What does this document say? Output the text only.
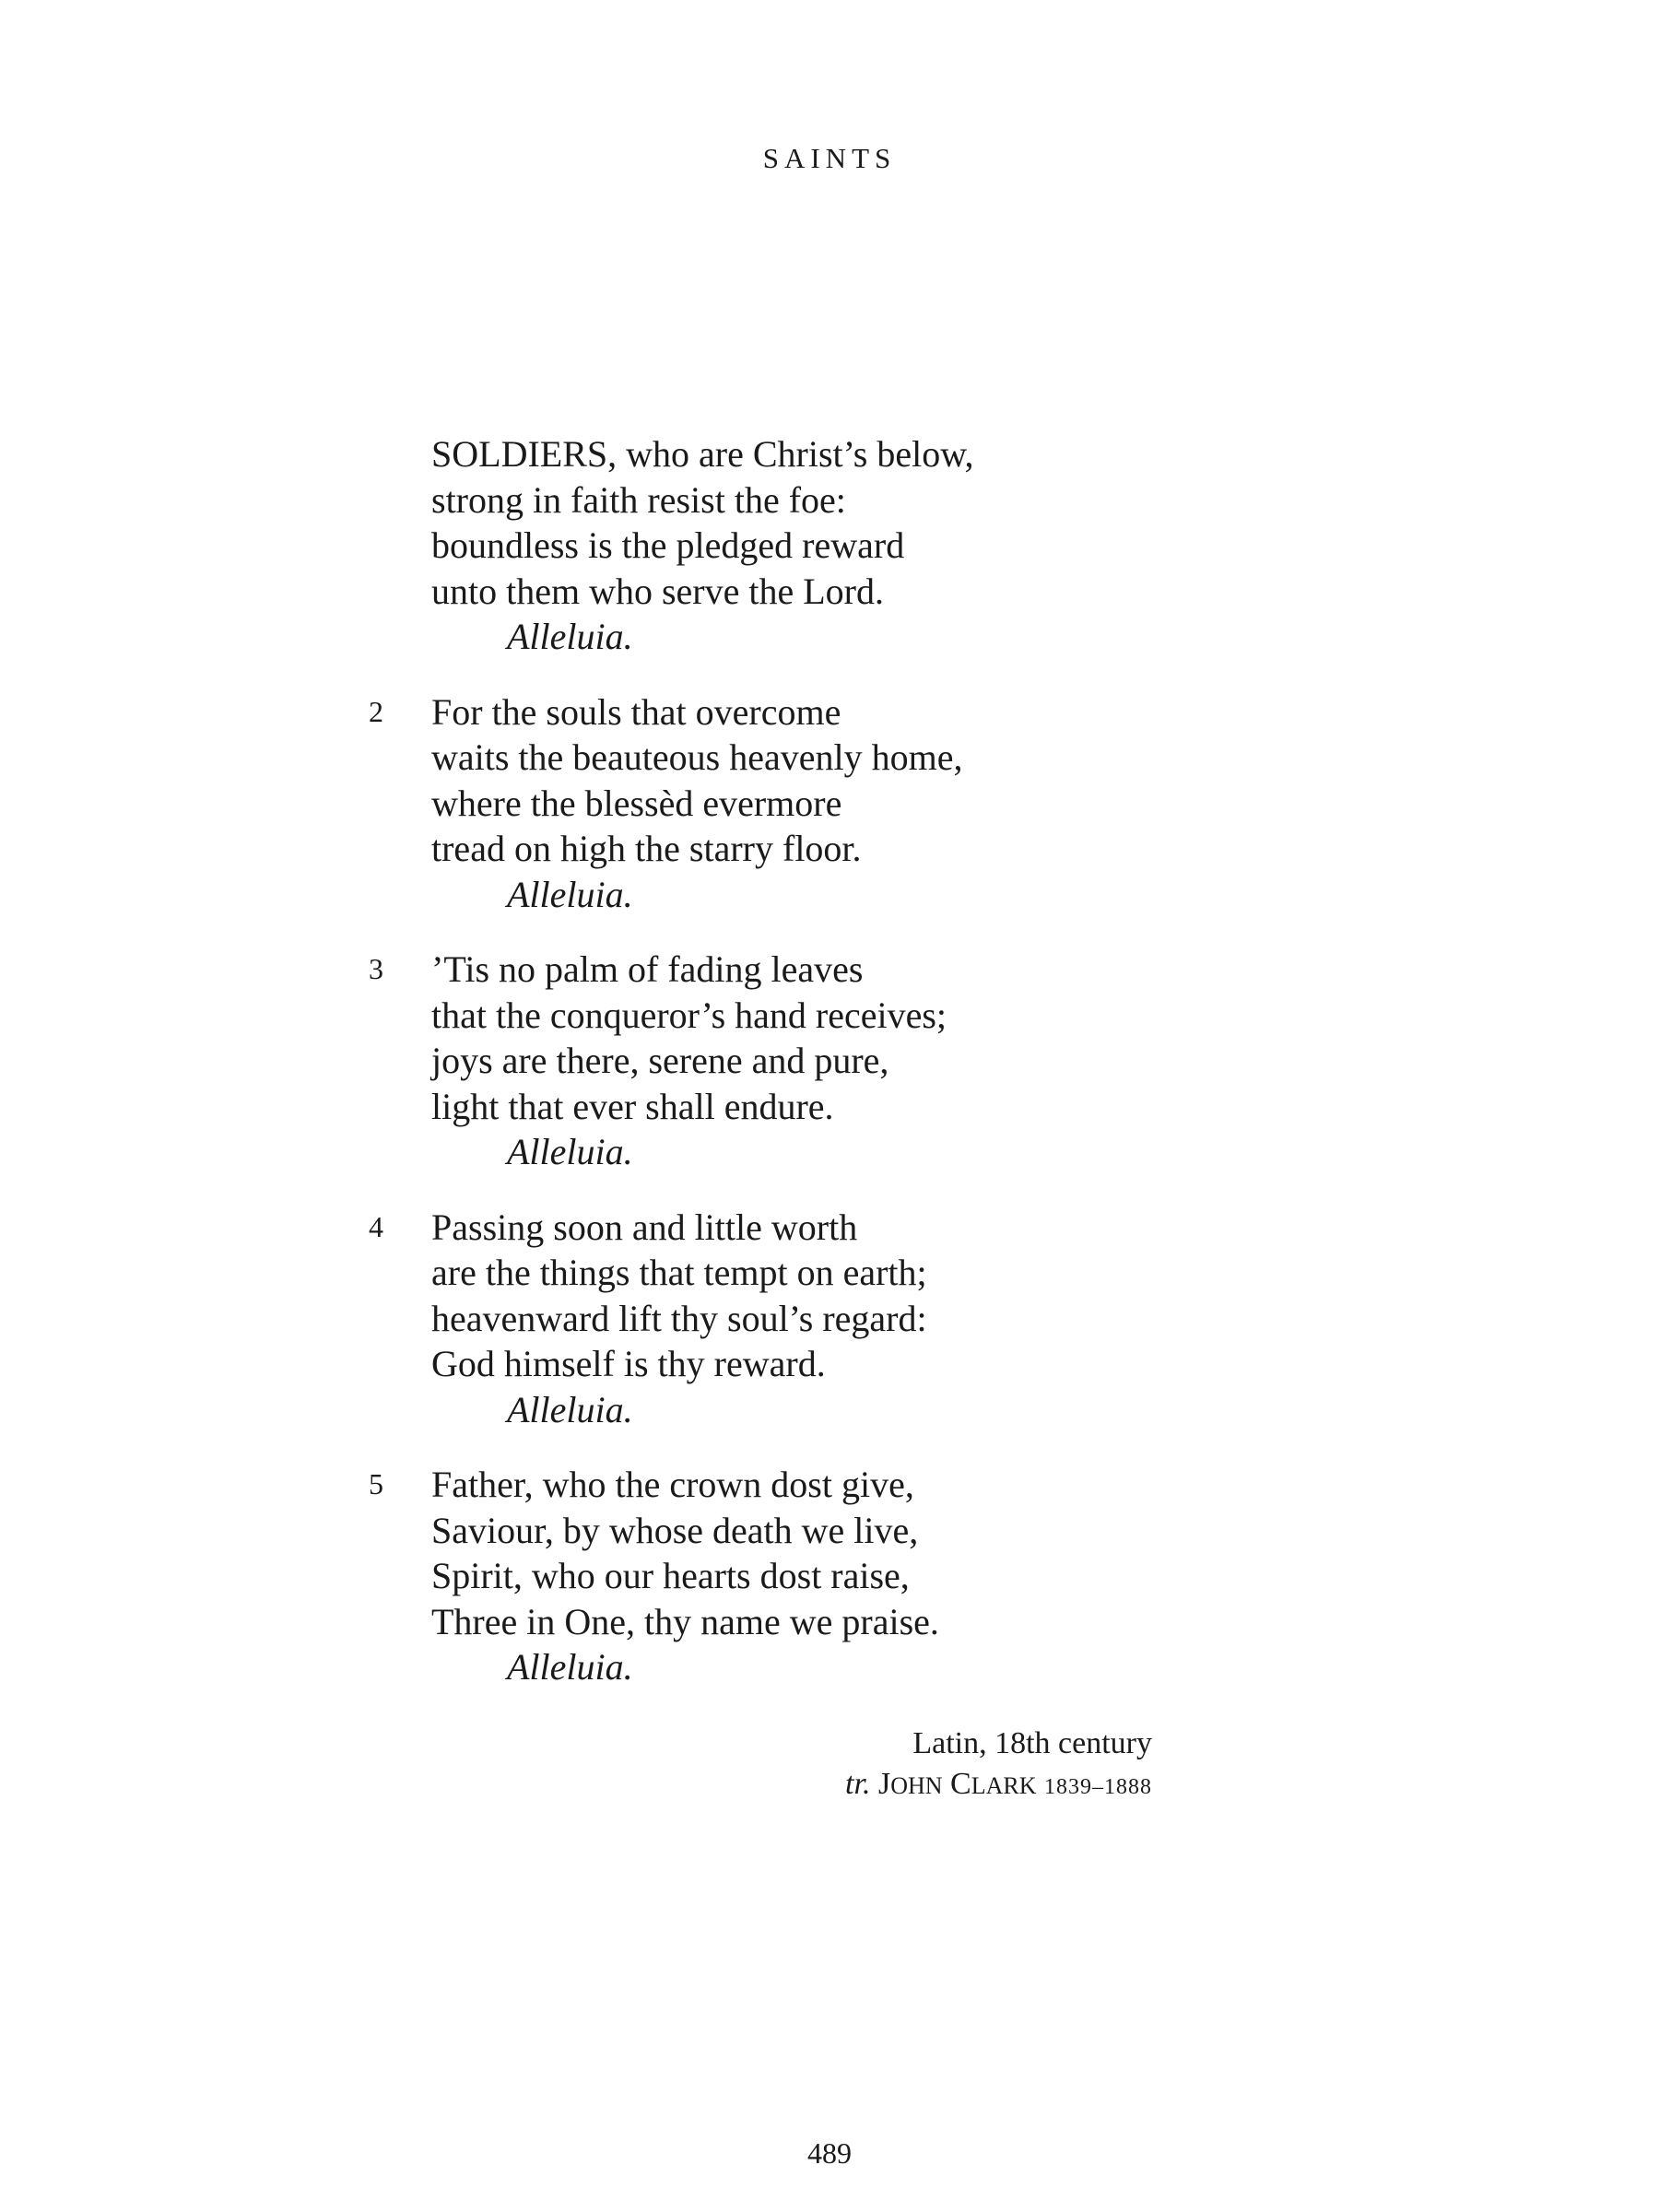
SAINTS
SOLDIERS, who are Christ’s below,
strong in faith resist the foe:
boundless is the pledged reward
unto them who serve the Lord.
Alleluia.
2 For the souls that overcome
waits the beauteous heavenly home,
where the blessèd evermore
tread on high the starry floor.
Alleluia.
3 ’Tis no palm of fading leaves
that the conqueror’s hand receives;
joys are there, serene and pure,
light that ever shall endure.
Alleluia.
4 Passing soon and little worth
are the things that tempt on earth;
heavenward lift thy soul’s regard:
God himself is thy reward.
Alleluia.
5 Father, who the crown dost give,
Saviour, by whose death we live,
Spirit, who our hearts dost raise,
Three in One, thy name we praise.
Alleluia.
Latin, 18th century
tr. JOHN CLARK 1839–1888
489
